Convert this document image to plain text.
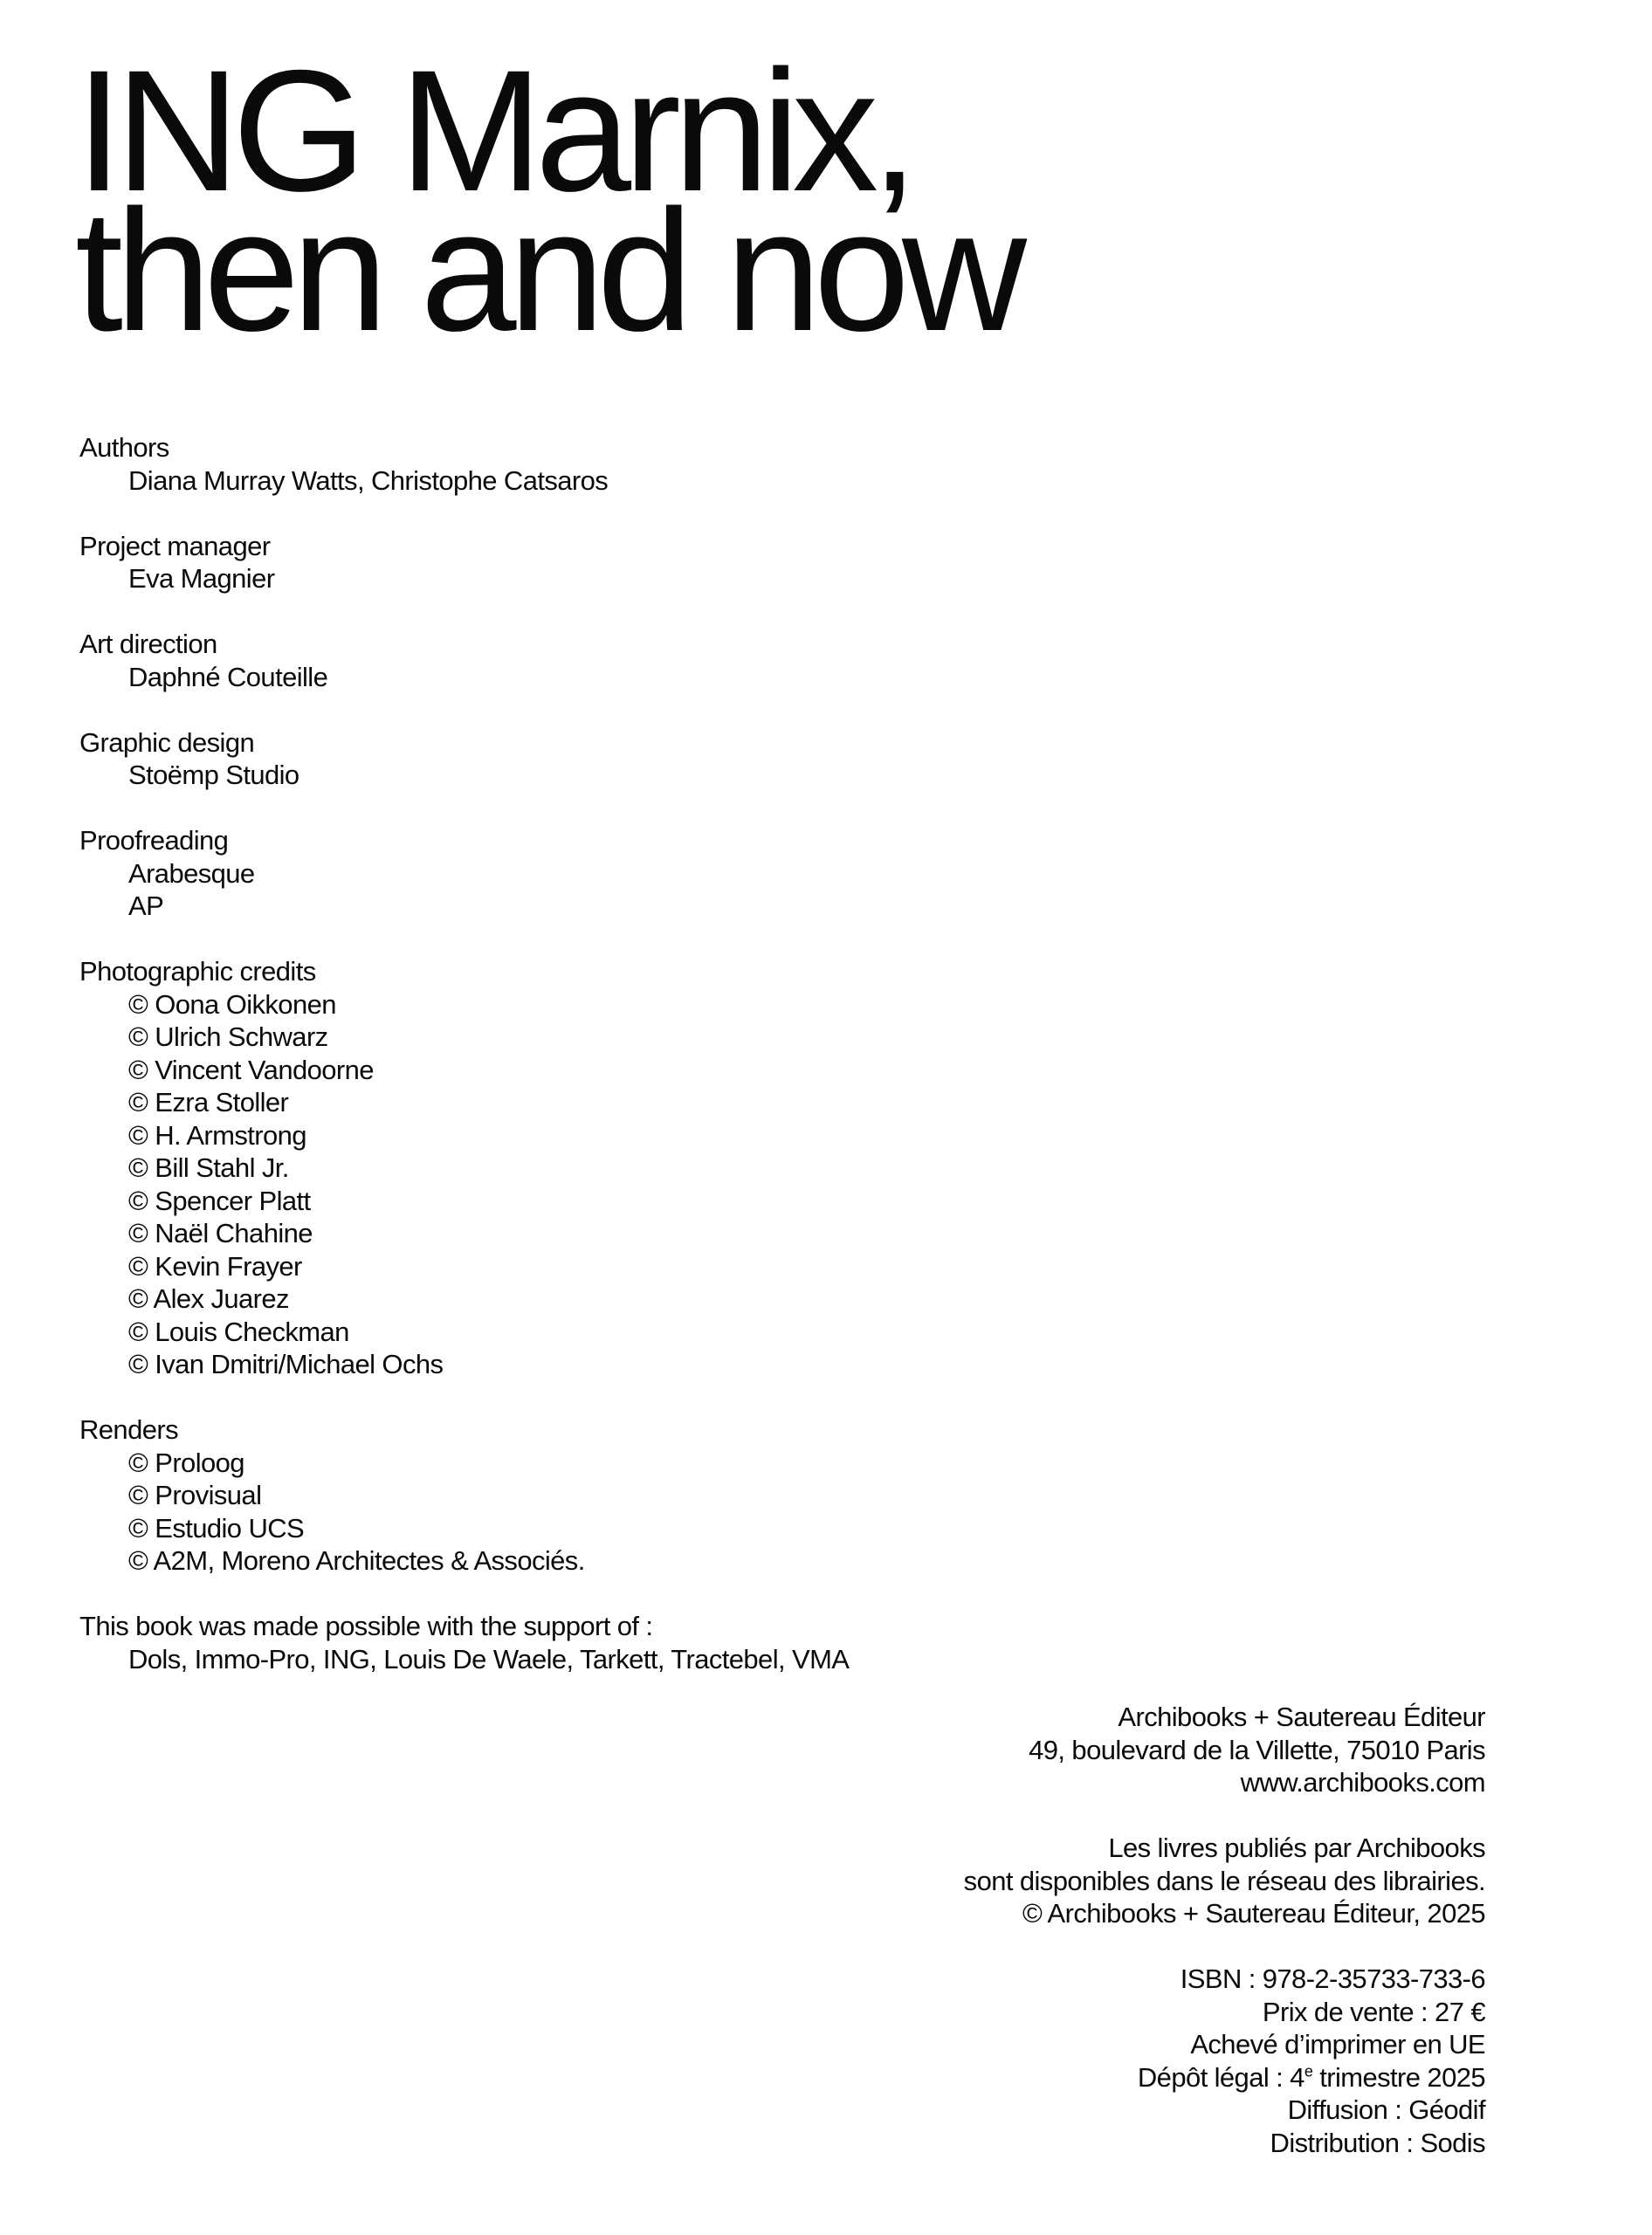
ING Marnix,
then and now
Authors
Diana Murray Watts, Christophe Catsaros
Project manager
Eva Magnier
Art direction
Daphné Couteille
Graphic design
Stoëmp Studio
Proofreading
Arabesque
AP
Photographic credits
© Oona Oikkonen
© Ulrich Schwarz
© Vincent Vandoorne
© Ezra Stoller
© H. Armstrong
© Bill Stahl Jr.
© Spencer Platt
© Naël Chahine
© Kevin Frayer
© Alex Juarez
© Louis Checkman
© Ivan Dmitri/Michael Ochs
Renders
© Proloog
© Provisual
© Estudio UCS
© A2M, Moreno Architectes & Associés.
This book was made possible with the support of :
Dols, Immo-Pro, ING, Louis De Waele, Tarkett, Tractebel, VMA
Archibooks + Sautereau Éditeur
49, boulevard de la Villette, 75010 Paris
www.archibooks.com
Les livres publiés par Archibooks
sont disponibles dans le réseau des librairies.
© Archibooks + Sautereau Éditeur, 2025
ISBN : 978-2-35733-733-6
Prix de vente : 27 €
Achevé d’imprimer en UE
Dépôt légal : 4e trimestre 2025
Diffusion : Géodif
Distribution : Sodis
